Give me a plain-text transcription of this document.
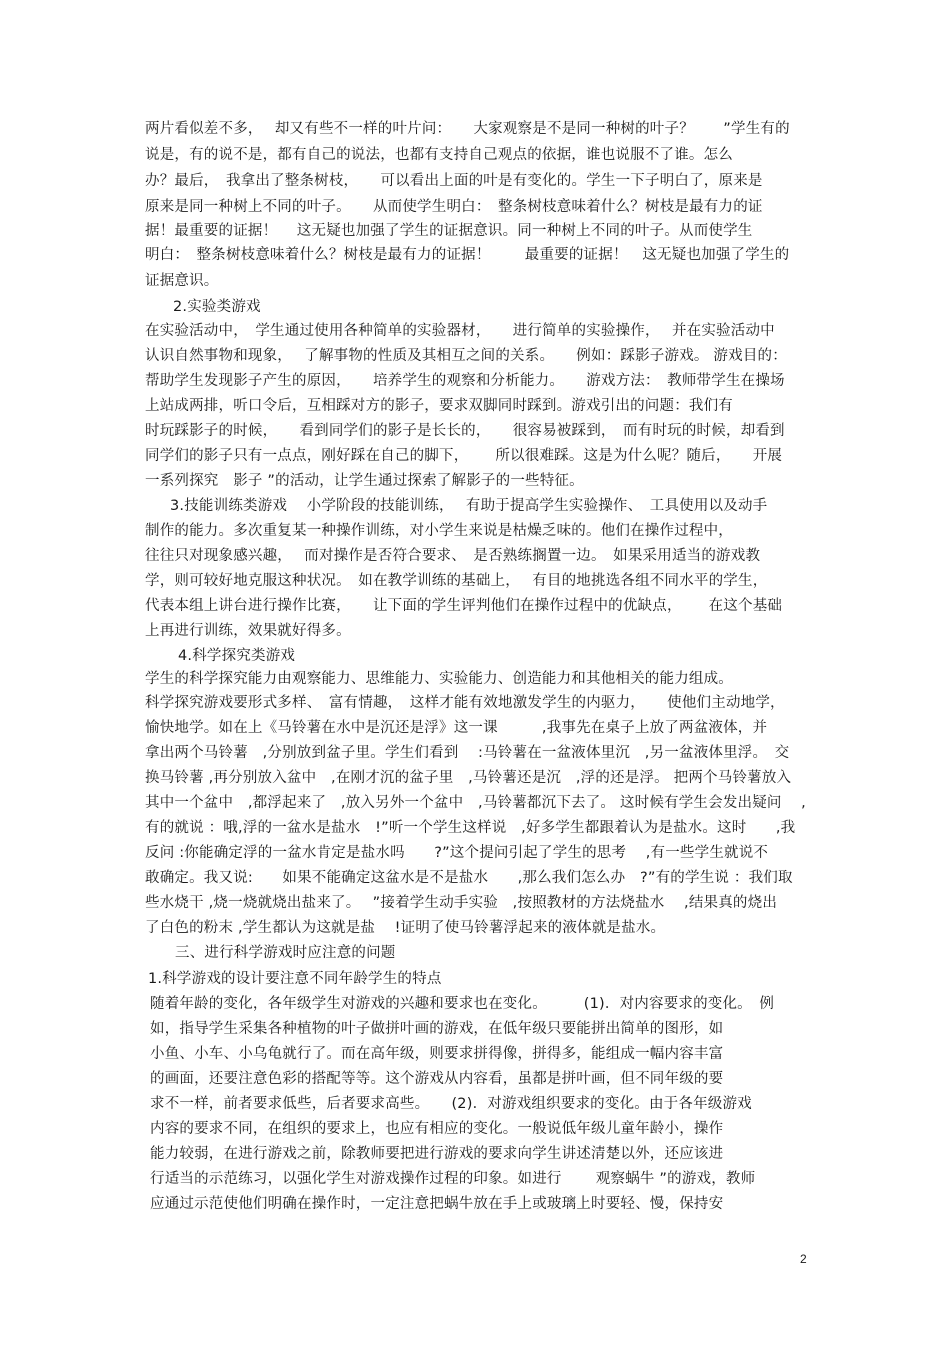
两片看似差不多，　 却又有些不一样的叶片问：　　大家观察是不是同一种树的叶子？　　”学生有的
说是，有的说不是，都有自己的说法，也都有支持自己观点的依据，谁也说服不了谁。怎么
办？最后，　我拿出了整条树枝，　　可以看出上面的叶是有变化的。学生一下子明白了，原来是
原来是同一种树上不同的叶子。　　从而使学生明白：　整条树枝意味着什么？树枝是最有力的证
据！最重要的证据！　 这无疑也加强了学生的证据意识。同一种树上不同的叶子。从而使学生
明白：　整条树枝意味着什么？树枝是最有力的证据！　　 最重要的证据！　这无疑也加强了学生的
证据意识。
2.实验类游戏
在实验活动中，　学生通过使用各种简单的实验器材，　　进行简单的实验操作，　 并在实验活动中
认识自然事物和现象，　 了解事物的性质及其相互之间的关系。　　例如：踩影子游戏。 游戏目的：
帮助学生发现影子产生的原因，　　培养学生的观察和分析能力。　　游戏方法：　教师带学生在操场
上站成两排，听口令后，互相踩对方的影子，要求双脚同时踩到。游戏引出的问题：我们有
时玩踩影子的时候，　　看到同学们的影子是长长的，　　很容易被踩到，　而有时玩的时候，却看到
同学们的影子只有一点点，刚好踩在自己的脚下，　　 所以很难踩。这是为什么呢？随后，　　开展
一系列探究　影子 ”的活动，让学生通过探索了解影子的一些特征。
3.技能训练类游戏　 小学阶段的技能训练，　 有助于提高学生实验操作、　工具使用以及动手
制作的能力。多次重复某一种操作训练，对小学生来说是枯燥乏味的。他们在操作过程中，
往往只对现象感兴趣，　 而对操作是否符合要求、　是否熟练搁置一边。　如果采用适当的游戏教
学，则可较好地克服这种状况。　如在教学训练的基础上，　 有目的地挑选各组不同水平的学生，
代表本组上讲台进行操作比赛，　　让下面的学生评判他们在操作过程中的优缺点，　　 在这个基础
上再进行训练，效果就好得多。
4.科学探究类游戏
学生的科学探究能力由观察能力、思维能力、实验能力、创造能力和其他相关的能力组成。
科学探究游戏要形式多样、　富有情趣，　这样才能有效地激发学生的内驱力，　　使他们主动地学，
愉快地学。如在上《马铃薯在水中是沉还是浮》这一课　　　,我事先在桌子上放了两盆液体，并
拿出两个马铃薯　,分别放到盆子里。学生们看到　 :马铃薯在一盆液体里沉　,另一盆液体里浮。　交
换马铃薯 ,再分别放入盆中　,在刚才沉的盆子里　,马铃薯还是沉　,浮的还是浮。 把两个马铃薯放入
其中一个盆中　,都浮起来了　,放入另外一个盆中　,马铃薯都沉下去了。 这时候有学生会发出疑问　 ,
有的就说 ：哦,浮的一盆水是盐水　!”听一个学生这样说　,好多学生都跟着认为是盐水。这时　　,我
反问 :你能确定浮的一盆水肯定是盐水吗　　?”这个提问引起了学生的思考　 ,有一些学生就说不
敢确定。我又说:　　如果不能确定这盆水是不是盐水　　,那么我们怎么办　?”有的学生说 ：我们取
些水烧干 ,烧一烧就烧出盐来了。　 ”接着学生动手实验　,按照教材的方法烧盐水　 ,结果真的烧出
了白色的粉末 ,学生都认为这就是盐　 !证明了使马铃薯浮起来的液体就是盐水。
三、进行科学游戏时应注意的问题
1.科学游戏的设计要注意不同年龄学生的特点
随着年龄的变化，各年级学生对游戏的兴趣和要求也在变化。　　　(1)．对内容要求的变化。　例
如，指导学生采集各种植物的叶子做拼叶画的游戏，在低年级只要能拼出简单的图形，如
小鱼、小车、小乌龟就行了。而在高年级，则要求拼得像，拼得多，能组成一幅内容丰富
的画面，还要注意色彩的搭配等等。这个游戏从内容看，虽都是拼叶画，但不同年级的要
求不一样，前者要求低些，后者要求高些。　　(2)．对游戏组织要求的变化。由于各年级游戏
内容的要求不同，在组织的要求上，也应有相应的变化。一般说低年级儿童年龄小，操作
能力较弱，在进行游戏之前，除教师要把进行游戏的要求向学生讲述清楚以外，还应该进
行适当的示范练习，以强化学生对游戏操作过程的印象。如进行　　 观察蜗牛 ”的游戏，教师
应通过示范使他们明确在操作时，一定注意把蜗牛放在手上或玻璃上时要轻、慢，保持安
2
